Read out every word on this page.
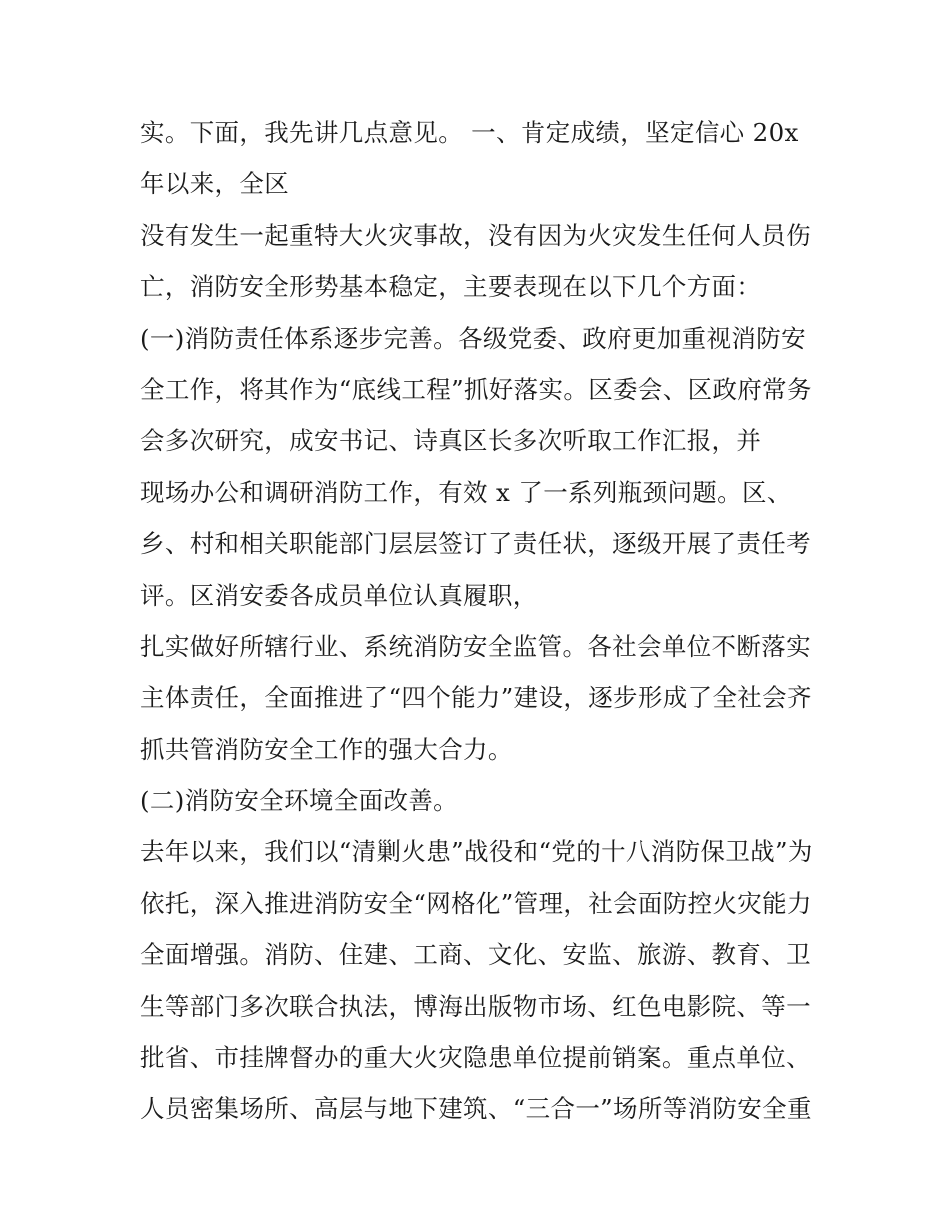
实。下面，我先讲几点意见。 一、肯定成绩，坚定信心 20x
年以来，全区
没有发生一起重特大火灾事故，没有因为火灾发生任何人员伤
亡，消防安全形势基本稳定，主要表现在以下几个方面：
(一)消防责任体系逐步完善。各级党委、政府更加重视消防安
全工作，将其作为“底线工程”抓好落实。区委会、区政府常务
会多次研究，成安书记、诗真区长多次听取工作汇报，并
现场办公和调研消防工作，有效 x 了一系列瓶颈问题。区、
乡、村和相关职能部门层层签订了责任状，逐级开展了责任考
评。区消安委各成员单位认真履职，
扎实做好所辖行业、系统消防安全监管。各社会单位不断落实
主体责任，全面推进了“四个能力”建设，逐步形成了全社会齐
抓共管消防安全工作的强大合力。
(二)消防安全环境全面改善。
去年以来，我们以“清剿火患”战役和“党的十八消防保卫战”为
依托，深入推进消防安全“网格化”管理，社会面防控火灾能力
全面增强。消防、住建、工商、文化、安监、旅游、教育、卫
生等部门多次联合执法，博海出版物市场、红色电影院、等一
批省、市挂牌督办的重大火灾隐患单位提前销案。重点单位、
人员密集场所、高层与地下建筑、“三合一”场所等消防安全重
